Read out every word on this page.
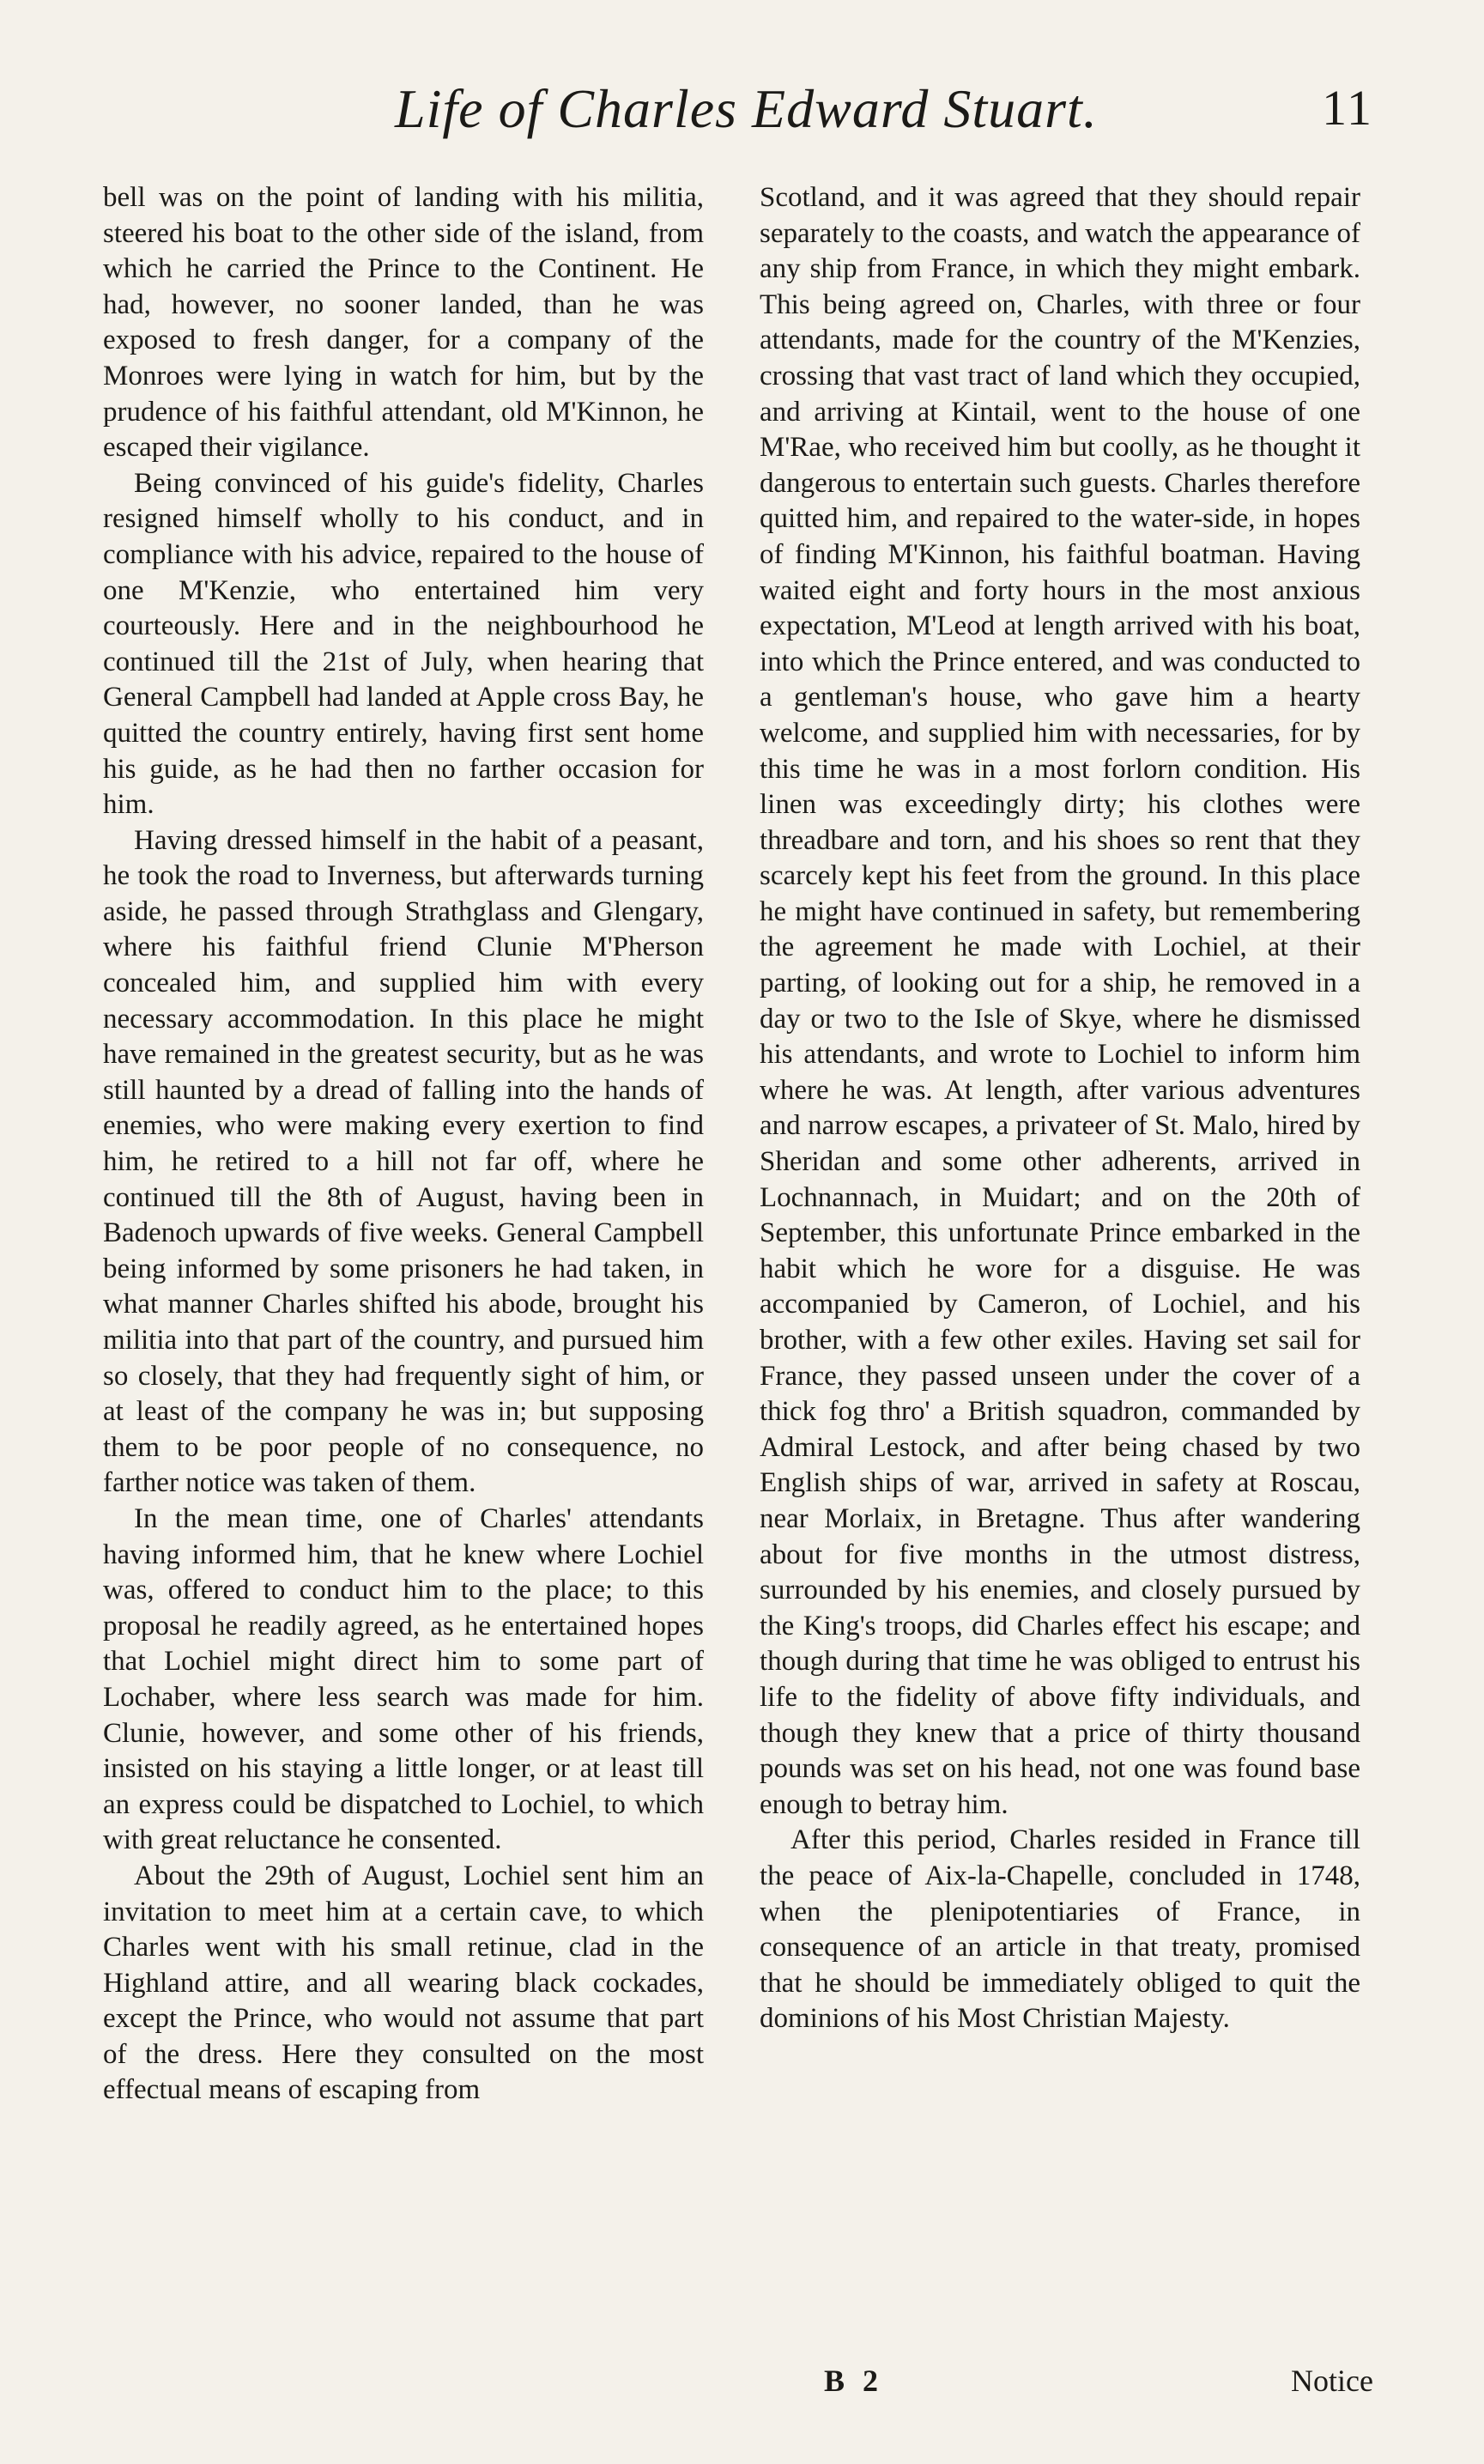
Life of Charles Edward Stuart.	11

bell was on the point of landing with his militia, steered his boat to the other side of the island, from which he carried the Prince to the Continent. He had, however, no sooner landed, than he was exposed to fresh danger, for a company of the Monroes were lying in watch for him, but by the prudence of his faithful attendant, old M'Kinnon, he escaped their vigilance.

Being convinced of his guide's fidelity, Charles resigned himself wholly to his conduct, and in compliance with his advice, repaired to the house of one M'Kenzie, who entertained him very courteously. Here and in the neighbourhood he continued till the 21st of July, when hearing that General Campbell had landed at Apple cross Bay, he quitted the country entirely, having first sent home his guide, as he had then no farther occasion for him.

Having dressed himself in the habit of a peasant, he took the road to Inverness, but afterwards turning aside, he passed through Strathglass and Glengary, where his faithful friend Clunie M'Pherson concealed him, and supplied him with every necessary accommodation. In this place he might have remained in the greatest security, but as he was still haunted by a dread of falling into the hands of enemies, who were making every exertion to find him, he retired to a hill not far off, where he continued till the 8th of August, having been in Badenoch upwards of five weeks. General Campbell being informed by some prisoners he had taken, in what manner Charles shifted his abode, brought his militia into that part of the country, and pursued him so closely, that they had frequently sight of him, or at least of the company he was in; but supposing them to be poor people of no consequence, no farther notice was taken of them.

In the mean time, one of Charles' attendants having informed him, that he knew where Lochiel was, offered to conduct him to the place; to this proposal he readily agreed, as he entertained hopes that Lochiel might direct him to some part of Lochaber, where less search was made for him. Clunie, however, and some other of his friends, insisted on his staying a little longer, or at least till an express could be dispatched to Lochiel, to which with great reluctance he consented.

About the 29th of August, Lochiel sent him an invitation to meet him at a certain cave, to which Charles went with his small retinue, clad in the Highland attire, and all wearing black cockades, except the Prince, who would not assume that part of the dress. Here they consulted on the most effectual means of escaping from

Scotland, and it was agreed that they should repair separately to the coasts, and watch the appearance of any ship from France, in which they might embark. This being agreed on, Charles, with three or four attendants, made for the country of the M'Kenzies, crossing that vast tract of land which they occupied, and arriving at Kintail, went to the house of one M'Rae, who received him but coolly, as he thought it dangerous to entertain such guests. Charles therefore quitted him, and repaired to the water-side, in hopes of finding M'Kinnon, his faithful boatman. Having waited eight and forty hours in the most anxious expectation, M'Leod at length arrived with his boat, into which the Prince entered, and was conducted to a gentleman's house, who gave him a hearty welcome, and supplied him with necessaries, for by this time he was in a most forlorn condition. His linen was exceedingly dirty; his clothes were threadbare and torn, and his shoes so rent that they scarcely kept his feet from the ground. In this place he might have continued in safety, but remembering the agreement he made with Lochiel, at their parting, of looking out for a ship, he removed in a day or two to the Isle of Skye, where he dismissed his attendants, and wrote to Lochiel to inform him where he was. At length, after various adventures and narrow escapes, a privateer of St. Malo, hired by Sheridan and some other adherents, arrived in Lochnannach, in Muidart; and on the 20th of September, this unfortunate Prince embarked in the habit which he wore for a disguise. He was accompanied by Cameron, of Lochiel, and his brother, with a few other exiles. Having set sail for France, they passed unseen under the cover of a thick fog thro' a British squadron, commanded by Admiral Lestock, and after being chased by two English ships of war, arrived in safety at Roscau, near Morlaix, in Bretagne. Thus after wandering about for five months in the utmost distress, surrounded by his enemies, and closely pursued by the King's troops, did Charles effect his escape; and though during that time he was obliged to entrust his life to the fidelity of above fifty individuals, and though they knew that a price of thirty thousand pounds was set on his head, not one was found base enough to betray him.

After this period, Charles resided in France till the peace of Aix-la-Chapelle, concluded in 1748, when the plenipotentiaries of France, in consequence of an article in that treaty, promised that he should be immediately obliged to quit the dominions of his Most Christian Majesty.

B 2	Notice
